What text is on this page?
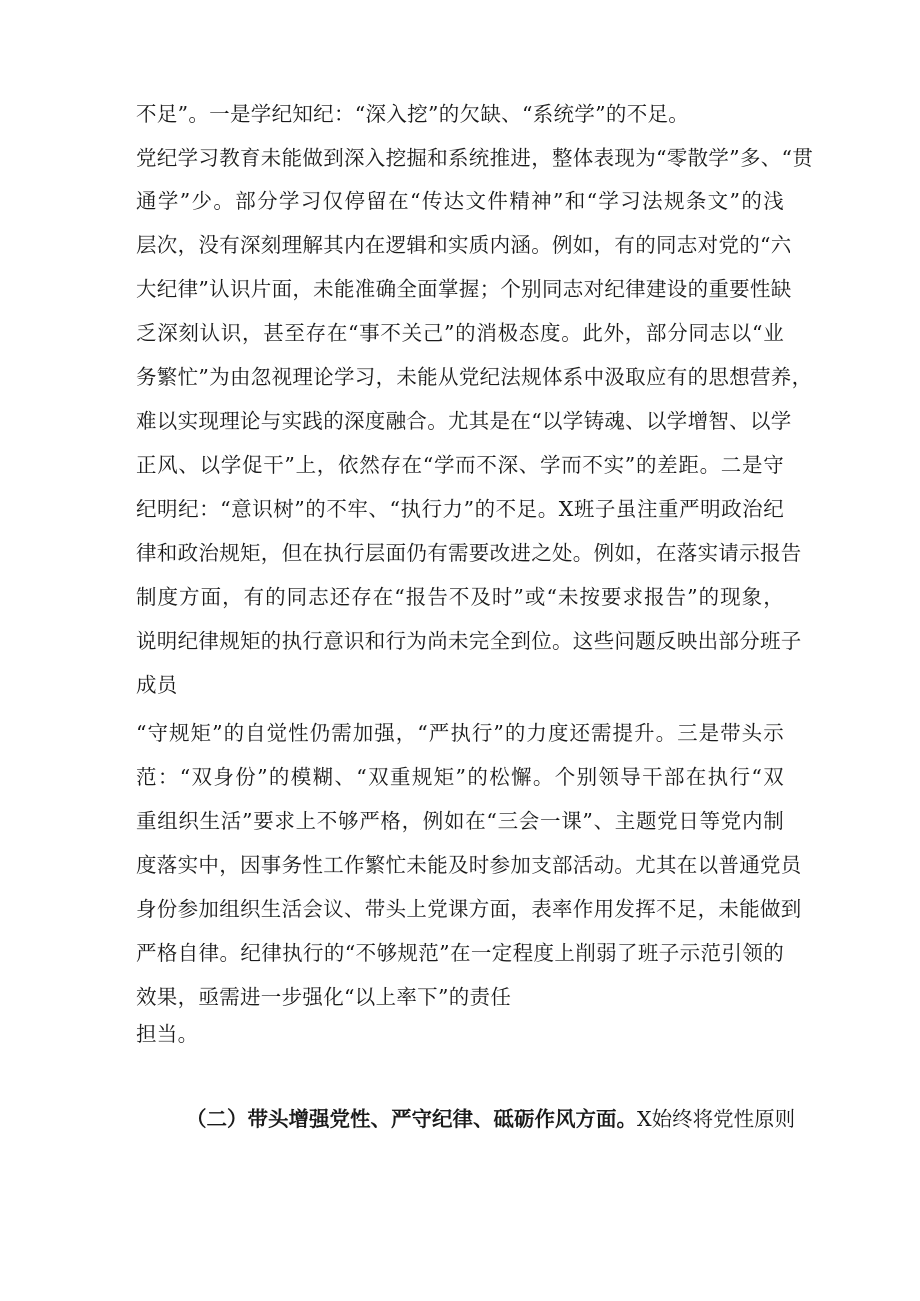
不足”。一是学纪知纪：“深入挖”的欠缺、“系统学”的不足。
党纪学习教育未能做到深入挖掘和系统推进，整体表现为“零散学”多、“贯
通学”少。部分学习仅停留在“传达文件精神”和“学习法规条文”的浅
层次，没有深刻理解其内在逻辑和实质内涵。例如，有的同志对党的“六
大纪律”认识片面，未能准确全面掌握；个别同志对纪律建设的重要性缺
乏深刻认识，甚至存在“事不关己”的消极态度。此外，部分同志以“业
务繁忙”为由忽视理论学习，未能从党纪法规体系中汲取应有的思想营养，
难以实现理论与实践的深度融合。尤其是在“以学铸魂、以学增智、以学
正风、以学促干”上，依然存在“学而不深、学而不实”的差距。二是守
纪明纪：“意识树”的不牢、“执行力”的不足。X班子虽注重严明政治纪
律和政治规矩，但在执行层面仍有需要改进之处。例如，在落实请示报告
制度方面，有的同志还存在“报告不及时”或“未按要求报告”的现象，
说明纪律规矩的执行意识和行为尚未完全到位。这些问题反映出部分班子
成员
“守规矩”的自觉性仍需加强，“严执行”的力度还需提升。三是带头示
范：“双身份”的模糊、“双重规矩”的松懈。个别领导干部在执行“双
重组织生活”要求上不够严格，例如在“三会一课”、主题党日等党内制
度落实中，因事务性工作繁忙未能及时参加支部活动。尤其在以普通党员
身份参加组织生活会议、带头上党课方面，表率作用发挥不足，未能做到
严格自律。纪律执行的“不够规范”在一定程度上削弱了班子示范引领的
效果，亟需进一步强化“以上率下”的责任
担当。
（二）带头增强党性、严守纪律、砥砺作风方面。X始终将党性原则
